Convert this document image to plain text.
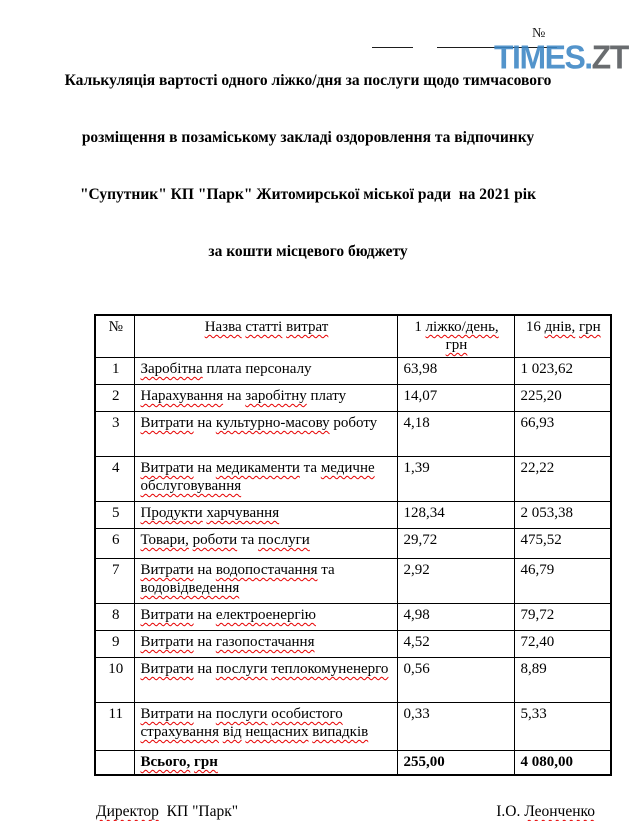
№
TIMES.ZT

Калькуляція вартості одного ліжко/дня за послуги щодо тимчасового

розміщення в позаміському закладі оздоровлення та відпочинку

"Супутник" КП "Парк" Житомирської міської ради  на 2021 рік

за кошти місцевого бюджету

№	Назва статті витрат	1 ліжко/день, грн	16 днів, грн
1	Заробітна плата персоналу	63,98	1 023,62
2	Нарахування на заробітну плату	14,07	225,20
3	Витрати на культурно-масову роботу	4,18	66,93
4	Витрати на медикаменти та медичне обслуговування	1,39	22,22
5	Продукти харчування	128,34	2 053,38
6	Товари, роботи та послуги	29,72	475,52
7	Витрати на водопостачання та водовідведення	2,92	46,79
8	Витрати на електроенергію	4,98	79,72
9	Витрати на газопостачання	4,52	72,40
10	Витрати на послуги теплокомуненерго	0,56	8,89
11	Витрати на послуги особистого страхування від нещасних випадків	0,33	5,33
	Всього, грн	255,00	4 080,00
Директор КП "Парк"	І.О. Леонченко
